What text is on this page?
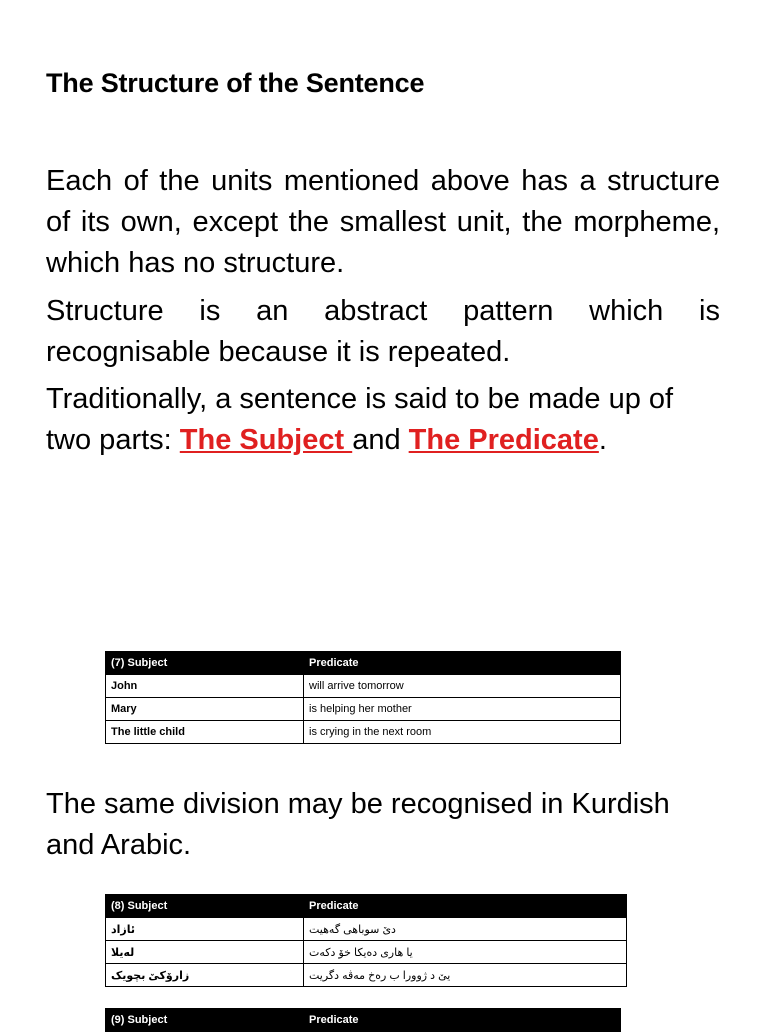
The Structure of the Sentence

Each of the units mentioned above has a structure of its own, except the smallest unit, the morpheme, which has no structure.

Structure is an abstract pattern which is recognisable because it is repeated.

Traditionally, a sentence is said to be made up of two parts: The Subject and The Predicate.

(7) Subject	Predicate
John	will arrive tomorrow
Mary	is helping her mother
The little child	is crying in the next room

The same division may be recognised in Kurdish and Arabic.

(8) Subject	Predicate
ئازاد	دێ سوباهی گەهیت
لەیلا	یا هاری دەیکا خۆ دکەت
زارۆکێ بچویک	یێ د ژوورا ب رەخ مەڤە دگریت
(9) Subject	Predicate
